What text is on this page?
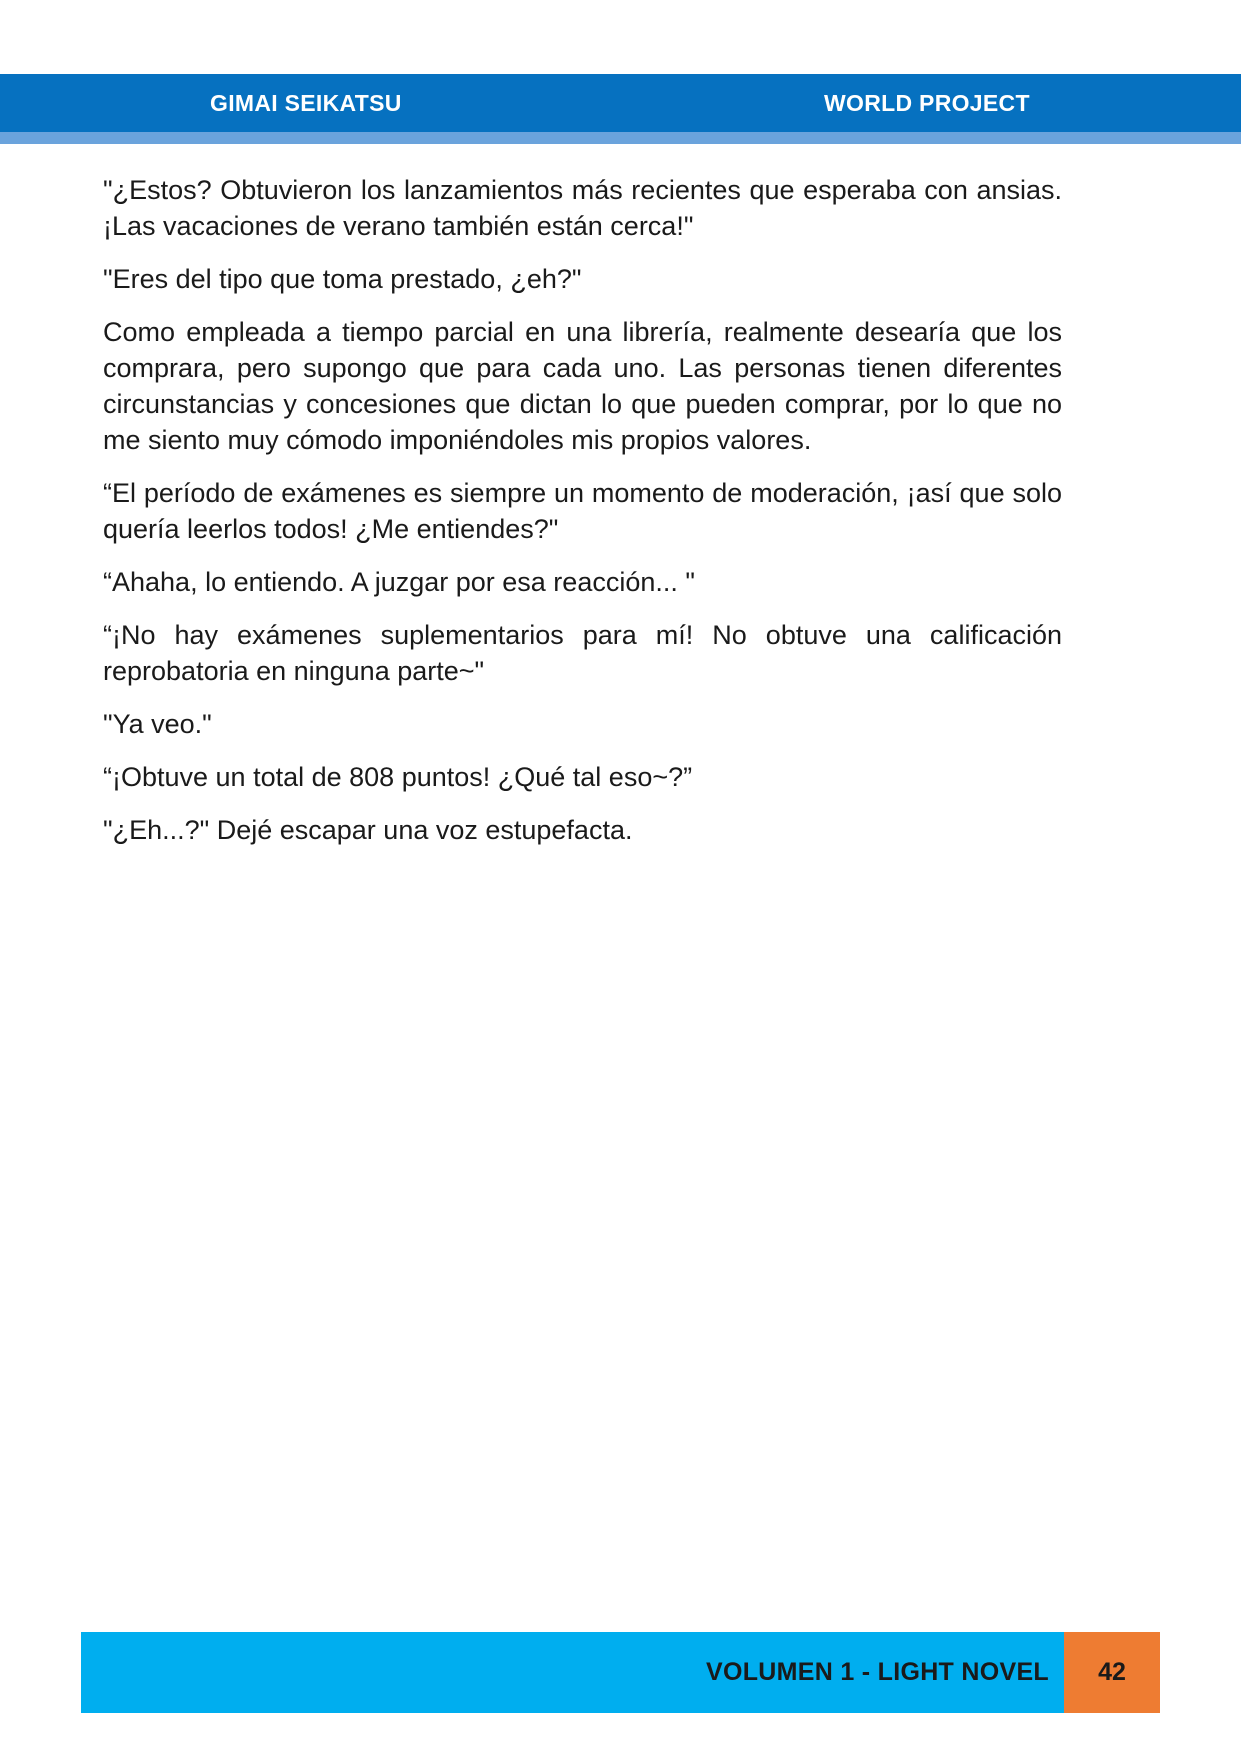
GIMAI SEIKATSU	WORLD PROJECT

"¿Estos? Obtuvieron los lanzamientos más recientes que esperaba con ansias. ¡Las vacaciones de verano también están cerca!"

"Eres del tipo que toma prestado, ¿eh?"

Como empleada a tiempo parcial en una librería, realmente desearía que los comprara, pero supongo que para cada uno. Las personas tienen diferentes circunstancias y concesiones que dictan lo que pueden comprar, por lo que no me siento muy cómodo imponiéndoles mis propios valores.

“El período de exámenes es siempre un momento de moderación, ¡así que solo quería leerlos todos! ¿Me entiendes?"

“Ahaha, lo entiendo. A juzgar por esa reacción... "

“¡No hay exámenes suplementarios para mí! No obtuve una calificación reprobatoria en ninguna parte~"

"Ya veo."

“¡Obtuve un total de 808 puntos! ¿Qué tal eso~?”

"¿Eh...?" Dejé escapar una voz estupefacta.

VOLUMEN 1 - LIGHT NOVEL	42
